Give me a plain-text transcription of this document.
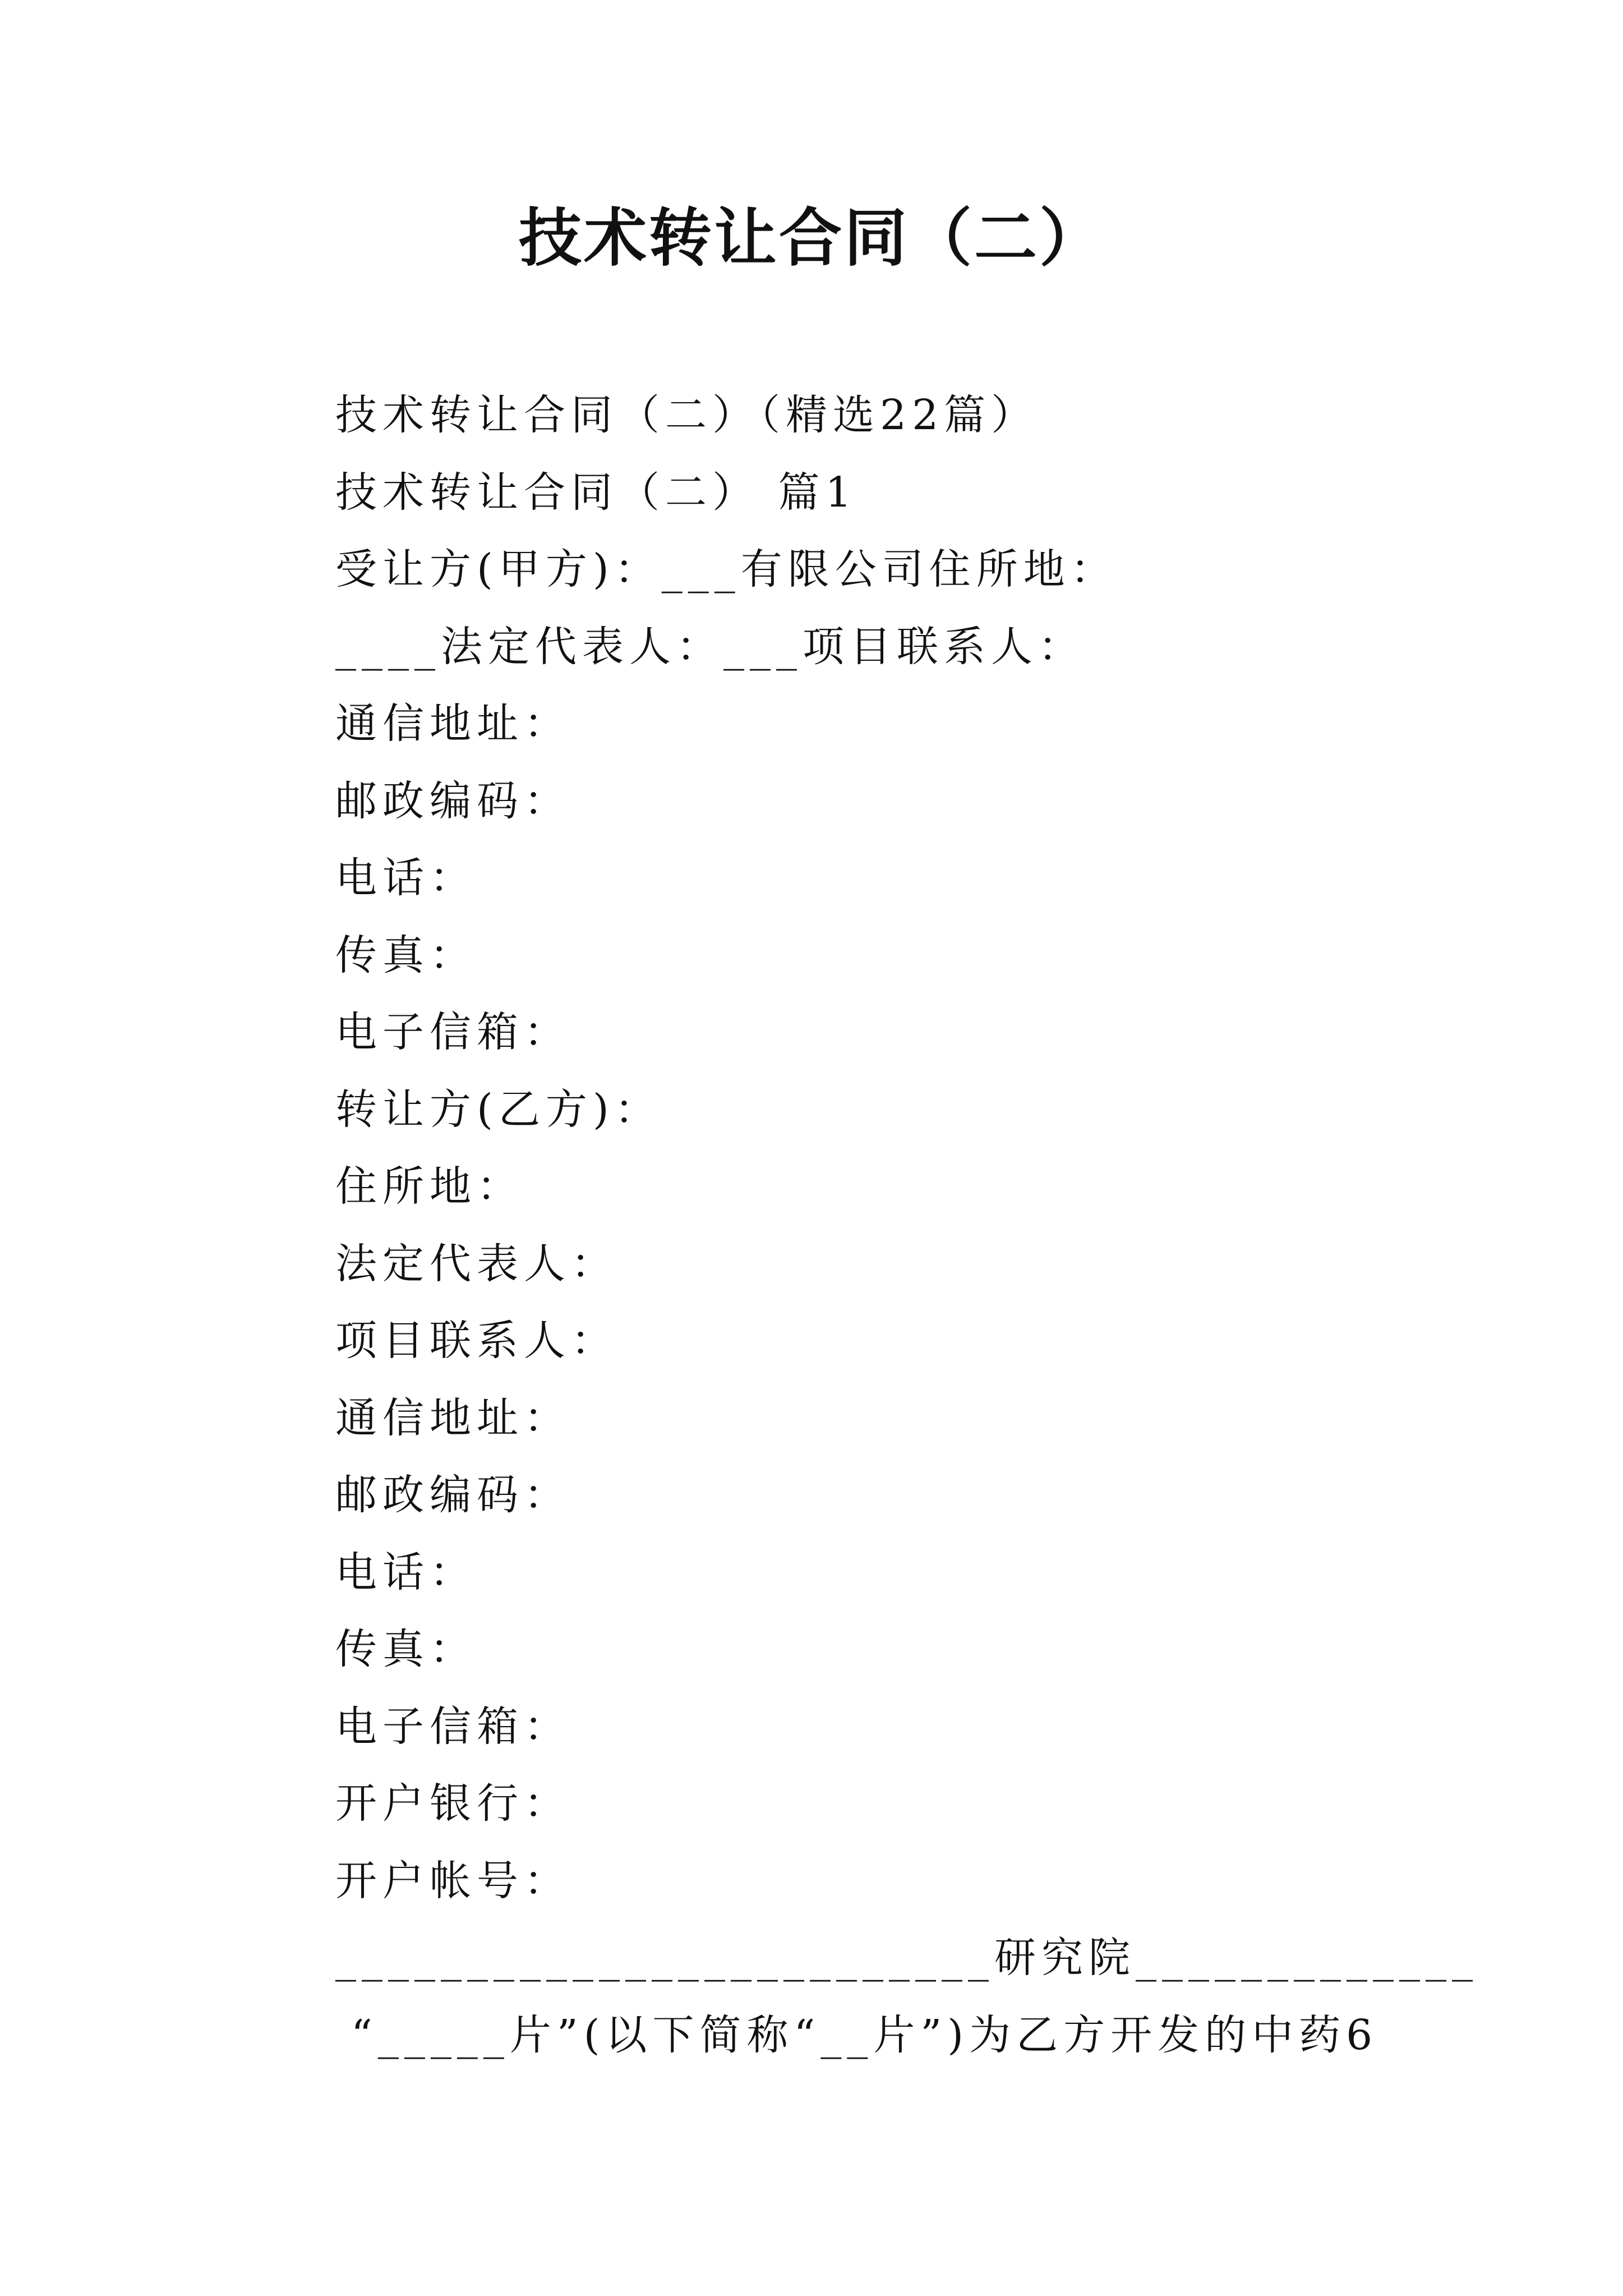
技术转让合同（二）
技术转让合同（二）（精选22篇）
技术转让合同（二） 篇1
受让方(甲方)：___有限公司住所地：
____法定代表人：___项目联系人：
通信地址：
邮政编码：
电话：
传真：
电子信箱：
转让方(乙方)：
住所地：
法定代表人：
项目联系人：
通信地址：
邮政编码：
电话：
传真：
电子信箱：
开户银行：
开户帐号：
_________________________研究院_____________
“_____片”(以下简称“__片”)为乙方开发的中药6
